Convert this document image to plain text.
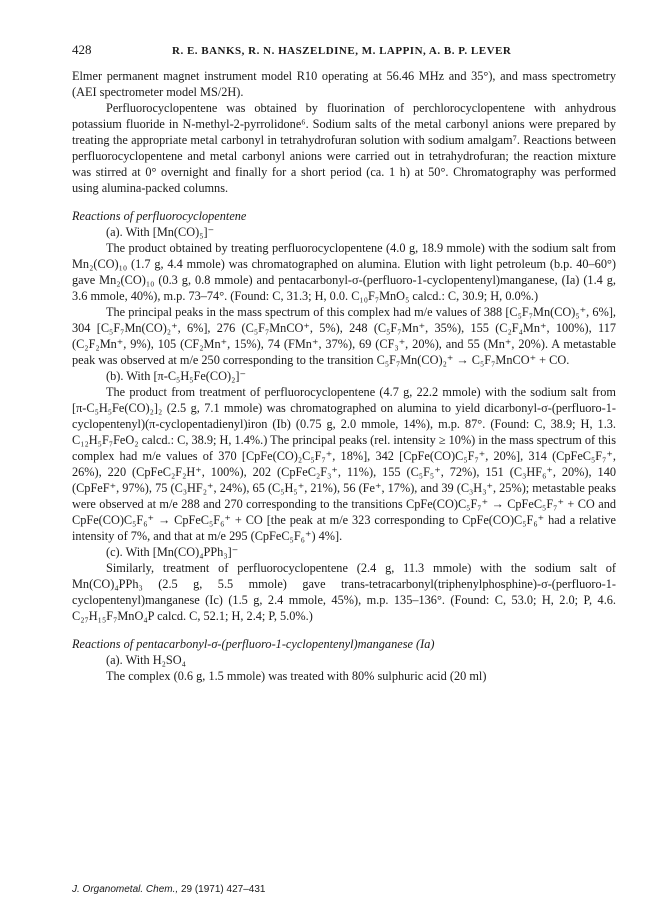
428	R. E. BANKS, R. N. HASZELDINE, M. LAPPIN, A. B. P. LEVER

Elmer permanent magnet instrument model R10 operating at 56.46 MHz and 35°), and mass spectrometry (AEI spectrometer model MS/2H).

Perfluorocyclopentene was obtained by fluorination of perchlorocyclopentene with anhydrous potassium fluoride in N-methyl-2-pyrrolidone⁶. Sodium salts of the metal carbonyl anions were prepared by treating the appropriate metal carbonyl in tetrahydrofuran solution with sodium amalgam⁷. Reactions between perfluorocyclopentene and metal carbonyl anions were carried out in tetrahydrofuran; the reaction mixture was stirred at 0° overnight and finally for a short period (ca. 1 h) at 50°. Chromatography was performed using alumina-packed columns.

Reactions of perfluorocyclopentene

(a). With [Mn(CO)₅]⁻

The product obtained by treating perfluorocyclopentene (4.0 g, 18.9 mmole) with the sodium salt from Mn₂(CO)₁₀ (1.7 g, 4.4 mmole) was chromatographed on alumina. Elution with light petroleum (b.p. 40–60°) gave Mn₂(CO)₁₀ (0.3 g, 0.8 mmole) and pentacarbonyl-σ-(perfluoro-1-cyclopentenyl)manganese, (Ia) (1.4 g, 3.6 mmole, 40%), m.p. 73–74°. (Found: C, 31.3; H, 0.0. C₁₀F₇MnO₅ calcd.: C, 30.9; H, 0.0%.)

The principal peaks in the mass spectrum of this complex had m/e values of 388 [C₅F₇Mn(CO)₅⁺, 6%], 304 [C₅F₇Mn(CO)₂⁺, 6%], 276 (C₅F₇MnCO⁺, 5%), 248 (C₅F₇Mn⁺, 35%), 155 (C₂F₄Mn⁺, 100%), 117 (C₂F₂Mn⁺, 9%), 105 (CF₂Mn⁺, 15%), 74 (FMn⁺, 37%), 69 (CF₃⁺, 20%), and 55 (Mn⁺, 20%). A metastable peak was observed at m/e 250 corresponding to the transition C₅F₇Mn(CO)₂⁺ → C₅F₇MnCO⁺ + CO.

(b). With [π-C₅H₅Fe(CO)₂]⁻

The product from treatment of perfluorocyclopentene (4.7 g, 22.2 mmole) with the sodium salt from [π-C₅H₅Fe(CO)₂]₂ (2.5 g, 7.1 mmole) was chromatographed on alumina to yield dicarbonyl-σ-(perfluoro-1-cyclopentenyl)(π-cyclopentadienyl)iron (Ib) (0.75 g, 2.0 mmole, 14%), m.p. 87°. (Found: C, 38.9; H, 1.3. C₁₂H₅F₇FeO₂ calcd.: C, 38.9; H, 1.4%.) The principal peaks (rel. intensity ≥ 10%) in the mass spectrum of this complex had m/e values of 370 [CpFe(CO)₂C₅F₇⁺, 18%], 342 [CpFe(CO)C₅F₇⁺, 20%], 314 (CpFeC₅F₇⁺, 26%), 220 (CpFeC₂F₂H⁺, 100%), 202 (CpFeC₂F₃⁺, 11%), 155 (C₅F₅⁺, 72%), 151 (C₃HF₆⁺, 20%), 140 (CpFeF⁺, 97%), 75 (C₃HF₂⁺, 24%), 65 (C₅H₅⁺, 21%), 56 (Fe⁺, 17%), and 39 (C₃H₃⁺, 25%); metastable peaks were observed at m/e 288 and 270 corresponding to the transitions CpFe(CO)C₅F₇⁺ → CpFeC₅F₇⁺ + CO and CpFe(CO)C₅F₆⁺ → CpFeC₅F₆⁺ + CO [the peak at m/e 323 corresponding to CpFe(CO)C₅F₆⁺ had a relative intensity of 7%, and that at m/e 295 (CpFeC₅F₆⁺) 4%].

(c). With [Mn(CO)₄PPh₃]⁻

Similarly, treatment of perfluorocyclopentene (2.4 g, 11.3 mmole) with the sodium salt of Mn(CO)₄PPh₃ (2.5 g, 5.5 mmole) gave trans-tetracarbonyl(triphenylphosphine)-σ-(perfluoro-1-cyclopentenyl)manganese (Ic) (1.5 g, 2.4 mmole, 45%), m.p. 135–136°. (Found: C, 53.0; H, 2.0; P, 4.6. C₂₇H₁₅F₇MnO₄P calcd. C, 52.1; H, 2.4; P, 5.0%.)

Reactions of pentacarbonyl-σ-(perfluoro-1-cyclopentenyl)manganese (Ia)

(a). With H₂SO₄

The complex (0.6 g, 1.5 mmole) was treated with 80% sulphuric acid (20 ml)

J. Organometal. Chem., 29 (1971) 427–431
